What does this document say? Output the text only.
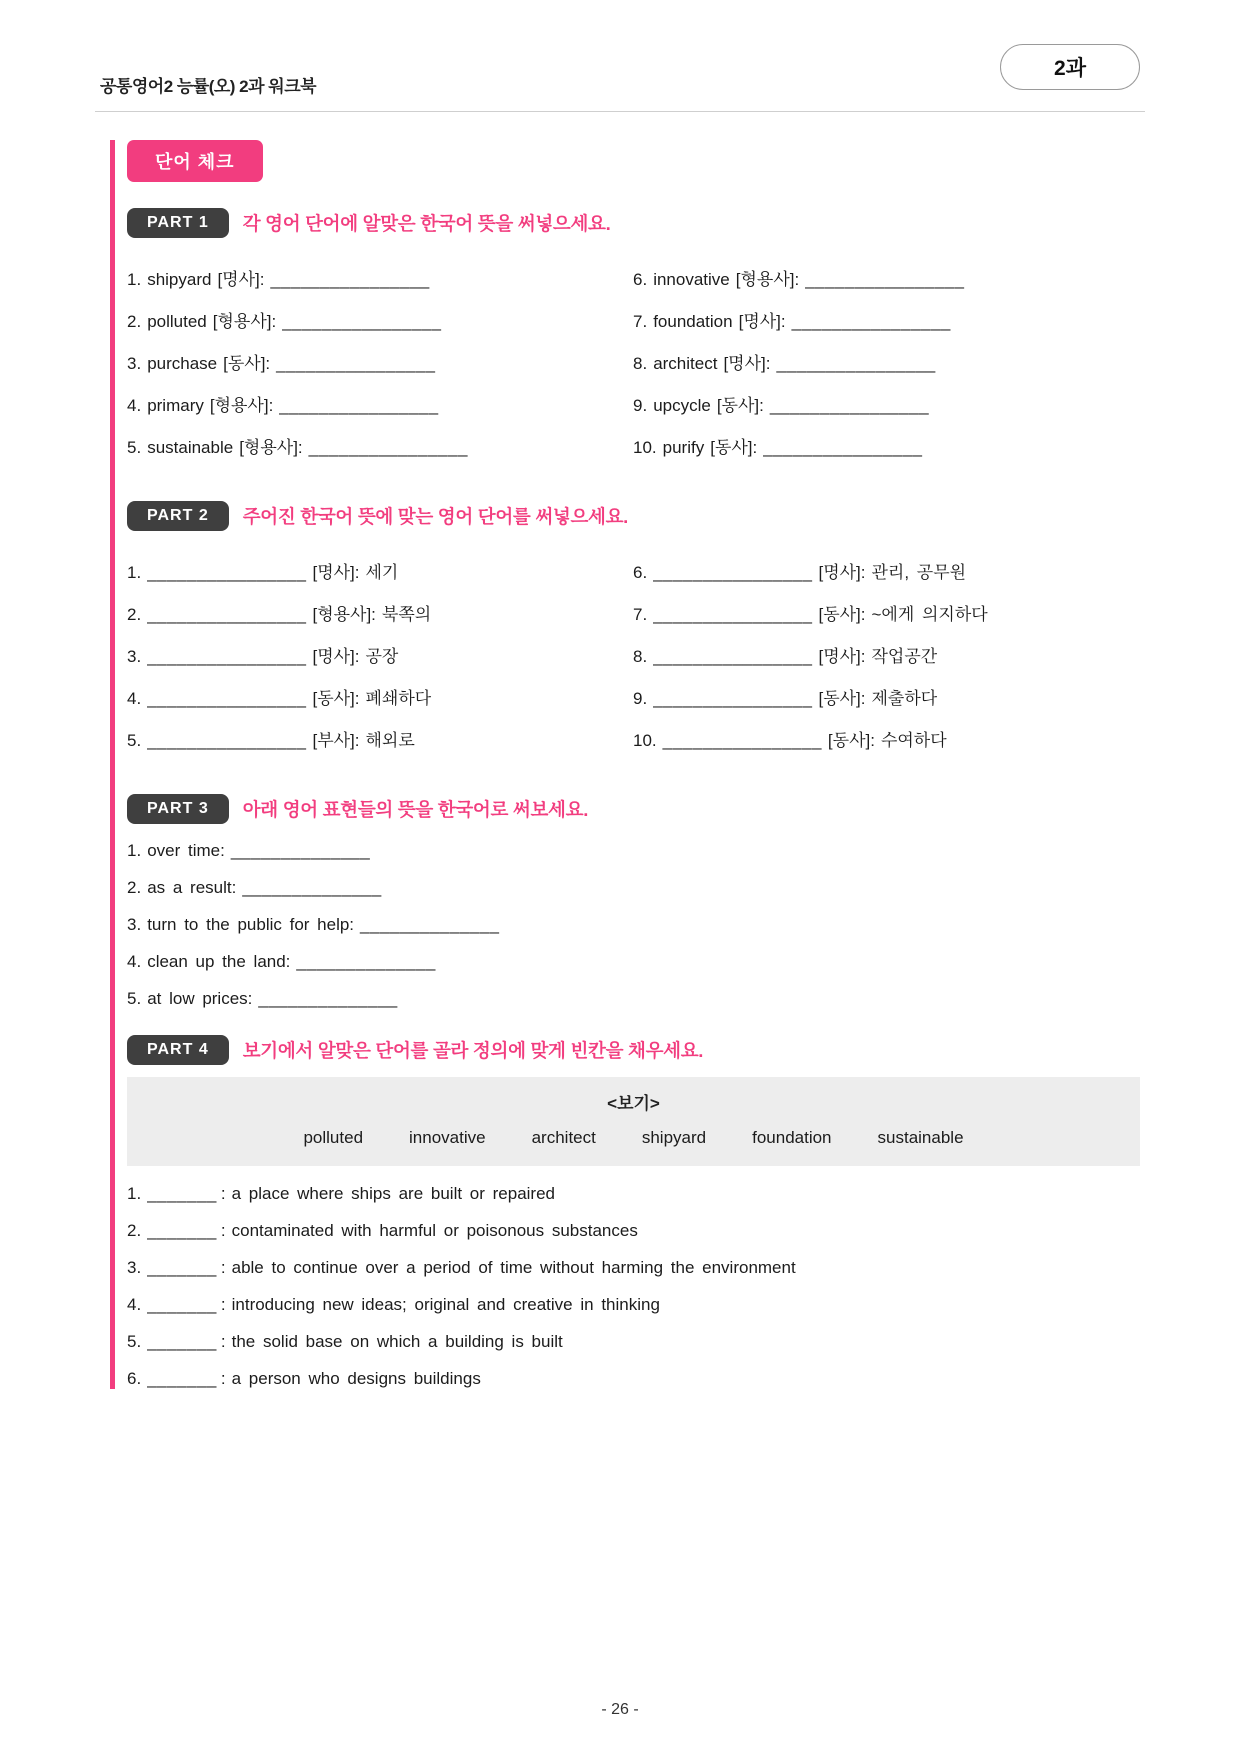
공통영어2 능률(오) 2과 워크북
2과
단어 체크
PART 1	각 영어 단어에 알맞은 한국어 뜻을 써넣으세요.
1. shipyard [명사]: ________________
2. polluted [형용사]: ________________
3. purchase [동사]: ________________
4. primary [형용사]: ________________
5. sustainable [형용사]: ________________
6. innovative [형용사]: ________________
7. foundation [명사]: ________________
8. architect [명사]: ________________
9. upcycle [동사]: ________________
10. purify [동사]: ________________
PART 2	주어진 한국어 뜻에 맞는 영어 단어를 써넣으세요.
1. ________________ [명사]: 세기
2. ________________ [형용사]: 북쪽의
3. ________________ [명사]: 공장
4. ________________ [동사]: 폐쇄하다
5. ________________ [부사]: 해외로
6. ________________ [명사]: 관리, 공무원
7. ________________ [동사]: ~에게 의지하다
8. ________________ [명사]: 작업공간
9. ________________ [동사]: 제출하다
10. ________________ [동사]: 수여하다
PART 3	아래 영어 표현들의 뜻을 한국어로 써보세요.
1. over time: ______________
2. as a result: ______________
3. turn to the public for help: ______________
4. clean up the land: ______________
5. at low prices: ______________
PART 4	보기에서 알맞은 단어를 골라 정의에 맞게 빈칸을 채우세요.
<보기>
polluted	innovative	architect	shipyard	foundation	sustainable
1. _______ : a place where ships are built or repaired
2. _______ : contaminated with harmful or poisonous substances
3. _______ : able to continue over a period of time without harming the environment
4. _______ : introducing new ideas; original and creative in thinking
5. _______ : the solid base on which a building is built
6. _______ : a person who designs buildings
- 26 -
